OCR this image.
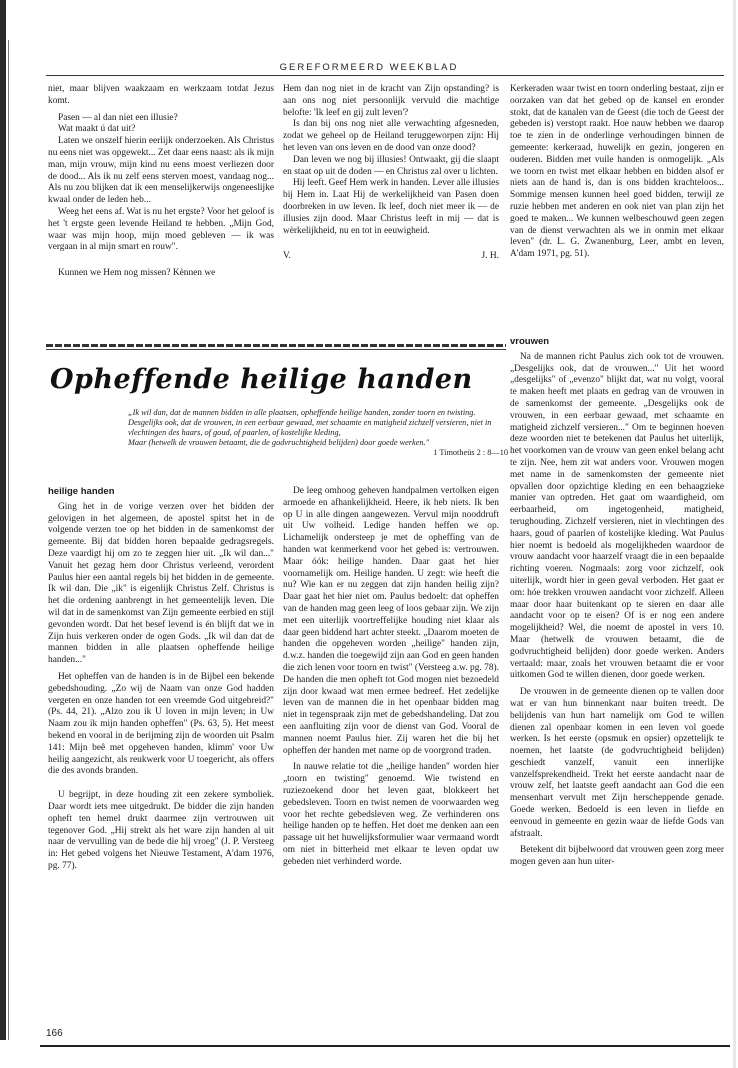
GEREFORMEERD WEEKBLAD

niet, maar blijven waakzaam en werkzaam totdat Jezus komt.

Pasen — al dan niet een illusie?

Wat maakt ú dat uit?

Laten we onszelf hierin eerlijk onderzoeken. Als Christus nu eens niet was opgewekt... Zet daar eens naast: als ik mijn man, mijn vrouw, mijn kind nu eens moest verliezen door de dood... Als ik nu zelf eens sterven moest, vandaag nog... Als nu zou blijken dat ik een menselijkerwijs ongeneeslijke kwaal onder de leden heb...

Weeg het eens af. Wat is nu het ergste? Voor het geloof is het 't ergste geen levende Heiland te hebben. „Mijn God, waar was mijn hoop, mijn moed gebleven — ik was vergaan in al mijn smart en rouw".

Kunnen we Hem nog missen? Kènnen we

Hem dan nog niet in de kracht van Zijn opstanding? is aan ons nog niet persoonlijk vervuld die machtige belofte: 'Ik leef en gij zult leven'?

Is dan bij ons nog niet alle verwachting afgesneden, zodat we geheel op de Heiland teruggeworpen zijn: Hij het leven van ons leven en de dood van onze dood?

Dan leven we nog bij illusies! Ontwaakt, gij die slaapt en staat op uit de doden — en Christus zal over u lichten.

Hij leeft. Geef Hem werk in handen. Lever alle illusies bij Hem in. Laat Hij de werkelijkheid van Pasen doen doorbreken in uw leven. Ik leef, doch niet meer ik — de illusies zijn dood. Maar Christus leeft in mij — dat is wèrkelijkheid, nu en tot in eeuwigheid.

V.	J. H.

Kerkeraden waar twist en toorn onderling bestaat, zijn er oorzaken van dat het gebed op de kansel en eronder stokt, dat de kanalen van de Geest (die toch de Geest der gebeden is) verstopt raakt. Hoe nauw hebben we daarop toe te zien in de onderlinge verhoudingen binnen de gemeente: kerkeraad, huwelijk en gezin, jongeren en ouderen. Bidden met vuile handen is onmogelijk. „Als we toorn en twist met elkaar hebben en bidden alsof er niets aan de hand is, dan is ons bidden krachteloos... Sommige mensen kunnen heel goed bidden, terwijl ze ruzie hebben met anderen en ook niet van plan zijn het goed te maken... We kunnen welbeschouwd geen zegen van de dienst verwachten als we in onmin met elkaar leven" (dr. L. G. Zwanenburg, Leer, ambt en leven, A'dam 1971, pg. 51).

Opheffende heilige handen

„Ik wil dan, dat de mannen bidden in alle plaatsen, opheffende heilige handen, zonder toorn en twisting.

Desgelijks ook, dat de vrouwen, in een eerbaar gewaad, met schaamte en matigheid zichzelf versieren, niet in vlechtingen des haars, of goud, of paarlen, of kostelijke kleding,

Maar (hetwelk de vrouwen betaamt, die de godvruchtigheid belijden) door goede werken."

1 Timotheüs 2 : 8—10

heilige handen

Ging het in de vorige verzen over het bidden der gelovigen in het algemeen, de apostel spitst het in de volgende verzen toe op het bidden in de samenkomst der gemeente. Bij dat bidden horen bepaalde gedragsregels. Deze vaardigt hij om zo te zeggen hier uit. „Ik wil dan..." Vanuit het gezag hem door Christus verleend, verordent Paulus hier een aantal regels bij het bidden in de gemeente. Ik wil dan. Die „ik" is eigenlijk Christus Zelf. Christus is het die ordening aanbrengt in het gemeentelijk leven. Die wil dat in de samenkomst van Zijn gemeente eerbied en stijl gevonden wordt. Dat het besef levend is én blijft dat we in Zijn huis verkeren onder de ogen Gods. „Ik wil dan dat de mannen bidden in alle plaatsen opheffende heilige handen..."

Het opheffen van de handen is in de Bijbel een bekende gebedshouding. „Zo wij de Naam van onze God hadden vergeten en onze handen tot een vreemde God uitgebreid?" (Ps. 44, 21). „Alzo zou ik U loven in mijn leven; in Uw Naam zou ik mijn handen opheffen" (Ps. 63, 5). Het meest bekend en vooral in de berijming zijn de woorden uit Psalm 141: Mijn beê met opgeheven handen, klimm' voor Uw heilig aangezicht, als reukwerk voor U toegericht, als offers die des avonds branden.

U begrijpt, in deze houding zit een zekere symboliek. Daar wordt iets mee uitgedrukt. De bidder die zijn handen opheft ten hemel drukt daarmee zijn vertrouwen uit tegenover God. „Hij strekt als het ware zijn handen al uit naar de vervulling van de bede die hij vroeg" (J. P. Versteeg in: Het gebed volgens het Nieuwe Testament, A'dam 1976, pg. 77).

De leeg omhoog geheven handpalmen vertolken eigen armoede en afhankelijkheid. Heere, ik heb niets. Ik ben op U in alle dingen aangewezen. Vervul mijn nooddruft uit Uw volheid. Ledige handen heffen we op. Lichamelijk ondersteep je met de opheffing van de handen wat kenmerkend voor het gebed is: vertrouwen. Maar óók: heilige handen. Daar gaat het hier voornamelijk om. Heilige handen. U zegt: wie heeft die nu? Wie kan er nu zeggen dat zijn handen heilig zijn? Daar gaat het hier niet om. Paulus bedoelt: dat opheffen van de handen mag geen leeg of loos gebaar zijn. We zijn met een uiterlijk voortreffelijke houding niet klaar als daar geen biddend hart achter steekt. „Daarom moeten de handen die opgeheven worden „heilige" handen zijn, d.w.z. handen die toegewijd zijn aan God en geen handen die zich lenen voor toorn en twist" (Versteeg a.w. pg. 78). De handen die men opheft tot God mogen niet bezoedeld zijn door kwaad wat men ermee bedreef. Het zedelijke leven van de mannen die in het openbaar bidden mag niet in tegenspraak zijn met de gebedshandeling. Dat zou een aanfluiting zijn voor de dienst van God. Vooral de mannen noemt Paulus hier. Zij waren het die bij het opheffen der handen met name op de voorgrond traden.

In nauwe relatie tot die „heilige handen" worden hier „toorn en twisting" genoemd. Wie twistend en ruziezoekend door het leven gaat, blokkeert het gebedsleven. Toorn en twist nemen de voorwaarden weg voor het rechte gebedsleven weg. Ze verhinderen ons heilige handen op te heffen. Het doet me denken aan een passage uit het huwelijksformulier waar vermaand wordt om niet in bitterheid met elkaar te leven opdat uw gebeden niet verhinderd worde.

vrouwen

Na de mannen richt Paulus zich ook tot de vrouwen. „Desgelijks ook, dat de vrouwen..." Uit het woord „desgelijks" of „evenzo" blijkt dat, wat nu volgt, vooral te maken heeft met plaats en gedrag van de vrouwen in de samenkomst der gemeente. „Desgelijks ook de vrouwen, in een eerbaar gewaad, met schaamte en matigheid zichzelf versieren..." Om te beginnen hoeven deze woorden niet te betekenen dat Paulus het uiterlijk, het voorkomen van de vrouw van geen enkel belang acht te zijn. Nee, hem zit wat anders voor. Vrouwen mogen met name in de samenkomsten der gemeente niet opvallen door opzichtige kleding en een behaagzieke manier van optreden. Het gaat om waardigheid, om eerbaarheid, om ingetogenheid, matigheid, terughouding. Zichzelf versieren, niet in vlechtingen des haars, goud of paarlen of kostelijke kleding. Wat Paulus hier noemt is bedoeld als mogelijkheden waardoor de vrouw aandacht voor haarzelf vraagt die in een bepaalde richting voeren. Nogmaals: zorg voor zichzelf, ook uiterlijk, wordt hier in geen geval verboden. Het gaat er om: hóe trekken vrouwen aandacht voor zichzelf. Alleen maar door haar buitenkant op te sieren en daar alle aandacht voor op te eisen? Of is er nog een andere mogelijkheid? Wel, die noemt de apostel in vers 10. Maar (hetwelk de vrouwen betaamt, die de godvruchtigheid belijden) door goede werken. Anders vertaald: maar, zoals het vrouwen betaamt die er voor uitkomen God te willen dienen, door goede werken.

De vrouwen in de gemeente dienen op te vallen door wat er van hun binnenkant naar buiten treedt. De belijdenis van hun hart namelijk om God te willen dienen zal openbaar komen in een leven vol goede werken. Is het eerste (opsmuk en opsier) opzettelijk te noemen, het laatste (de godvruchtigheid belijden) geschiedt vanzelf, vanuit een innerlijke vanzelfsprekendheid. Trekt het eerste aandacht naar de vrouw zelf, het laatste geeft aandacht aan God die een mensenhart vervult met Zijn herscheppende genade. Goede werken. Bedoeld is een leven in liefde en eenvoud in gemeente en gezin waar de liefde Gods van afstraalt.

Betekent dit bijbelwoord dat vrouwen geen zorg meer mogen geven aan hun uiter-

166
